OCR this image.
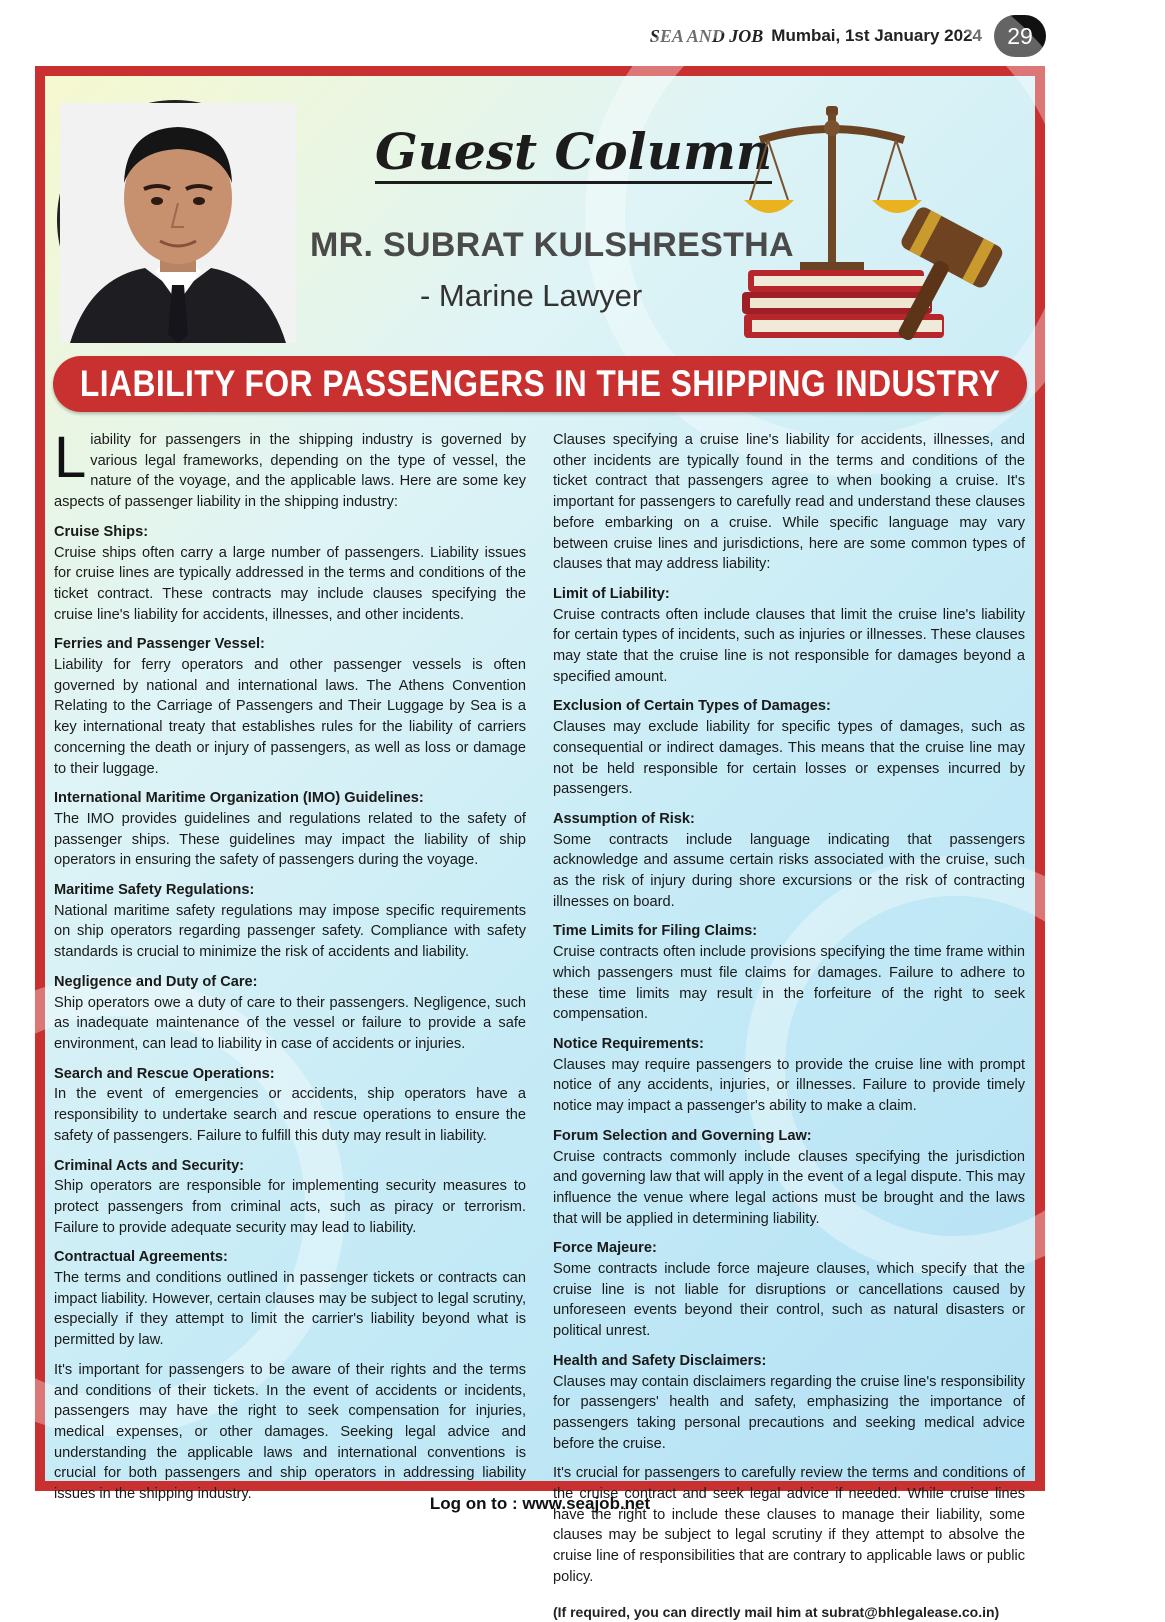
SEA AND JOB Mumbai, 1st January 2024	29
Guest Column
MR. SUBRAT KULSHRESTHA
- Marine Lawyer
LIABILITY FOR PASSENGERS IN THE SHIPPING INDUSTRY

Liability for passengers in the shipping industry is governed by various legal frameworks, depending on the type of vessel, the nature of the voyage, and the applicable laws. Here are some key aspects of passenger liability in the shipping industry:

Cruise Ships:
Cruise ships often carry a large number of passengers. Liability issues for cruise lines are typically addressed in the terms and conditions of the ticket contract. These contracts may include clauses specifying the cruise line's liability for accidents, illnesses, and other incidents.
Ferries and Passenger Vessel:
Liability for ferry operators and other passenger vessels is often governed by national and international laws. The Athens Convention Relating to the Carriage of Passengers and Their Luggage by Sea is a key international treaty that establishes rules for the liability of carriers concerning the death or injury of passengers, as well as loss or damage to their luggage.
International Maritime Organization (IMO) Guidelines:
The IMO provides guidelines and regulations related to the safety of passenger ships. These guidelines may impact the liability of ship operators in ensuring the safety of passengers during the voyage.
Maritime Safety Regulations:
National maritime safety regulations may impose specific requirements on ship operators regarding passenger safety. Compliance with safety standards is crucial to minimize the risk of accidents and liability.
Negligence and Duty of Care:
Ship operators owe a duty of care to their passengers. Negligence, such as inadequate maintenance of the vessel or failure to provide a safe environment, can lead to liability in case of accidents or injuries.
Search and Rescue Operations:
In the event of emergencies or accidents, ship operators have a responsibility to undertake search and rescue operations to ensure the safety of passengers. Failure to fulfill this duty may result in liability.
Criminal Acts and Security:
Ship operators are responsible for implementing security measures to protect passengers from criminal acts, such as piracy or terrorism. Failure to provide adequate security may lead to liability.
Contractual Agreements:
The terms and conditions outlined in passenger tickets or contracts can impact liability. However, certain clauses may be subject to legal scrutiny, especially if they attempt to limit the carrier's liability beyond what is permitted by law.

It's important for passengers to be aware of their rights and the terms and conditions of their tickets. In the event of accidents or incidents, passengers may have the right to seek compensation for injuries, medical expenses, or other damages. Seeking legal advice and understanding the applicable laws and international conventions is crucial for both passengers and ship operators in addressing liability issues in the shipping industry.

Clauses specifying a cruise line's liability for accidents, illnesses, and other incidents are typically found in the terms and conditions of the ticket contract that passengers agree to when booking a cruise. It's important for passengers to carefully read and understand these clauses before embarking on a cruise. While specific language may vary between cruise lines and jurisdictions, here are some common types of clauses that may address liability:

Limit of Liability:
Cruise contracts often include clauses that limit the cruise line's liability for certain types of incidents, such as injuries or illnesses. These clauses may state that the cruise line is not responsible for damages beyond a specified amount.
Exclusion of Certain Types of Damages:
Clauses may exclude liability for specific types of damages, such as consequential or indirect damages. This means that the cruise line may not be held responsible for certain losses or expenses incurred by passengers.
Assumption of Risk:
Some contracts include language indicating that passengers acknowledge and assume certain risks associated with the cruise, such as the risk of injury during shore excursions or the risk of contracting illnesses on board.
Time Limits for Filing Claims:
Cruise contracts often include provisions specifying the time frame within which passengers must file claims for damages. Failure to adhere to these time limits may result in the forfeiture of the right to seek compensation.
Notice Requirements:
Clauses may require passengers to provide the cruise line with prompt notice of any accidents, injuries, or illnesses. Failure to provide timely notice may impact a passenger's ability to make a claim.
Forum Selection and Governing Law:
Cruise contracts commonly include clauses specifying the jurisdiction and governing law that will apply in the event of a legal dispute. This may influence the venue where legal actions must be brought and the laws that will be applied in determining liability.
Force Majeure:
Some contracts include force majeure clauses, which specify that the cruise line is not liable for disruptions or cancellations caused by unforeseen events beyond their control, such as natural disasters or political unrest.
Health and Safety Disclaimers:
Clauses may contain disclaimers regarding the cruise line's responsibility for passengers' health and safety, emphasizing the importance of passengers taking personal precautions and seeking medical advice before the cruise.

It's crucial for passengers to carefully review the terms and conditions of the cruise contract and seek legal advice if needed. While cruise lines have the right to include these clauses to manage their liability, some clauses may be subject to legal scrutiny if they attempt to absolve the cruise line of responsibilities that are contrary to applicable laws or public policy.

(If required, you can directly mail him at subrat@bhlegalease.co.in)
Log on to : www.seajob.net
